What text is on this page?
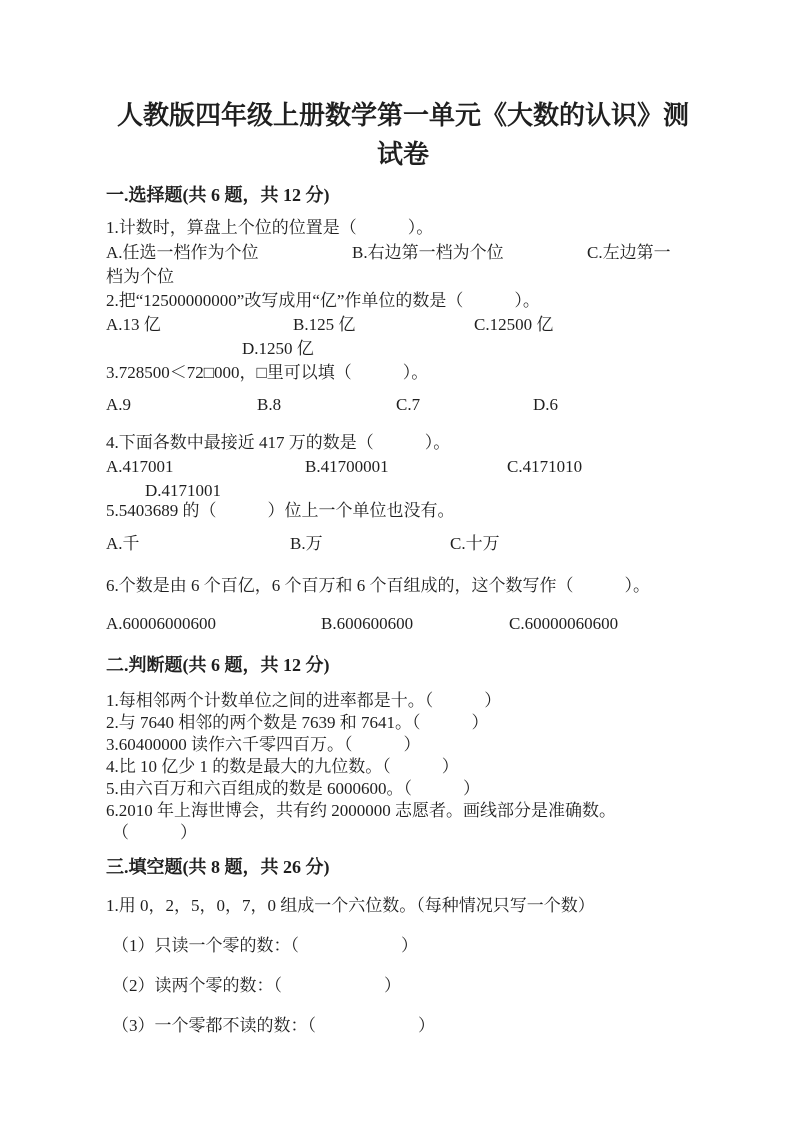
人教版四年级上册数学第一单元《大数的认识》测试卷
一.选择题(共 6 题，共 12 分)
1.计数时，算盘上个位的位置是（　　　）。
A.任选一档作为个位	B.右边第一档为个位	C.左边第一
档为个位
2.把“12500000000”改写成用“亿”作单位的数是（　　　）。
A.13 亿	B.125 亿	C.12500 亿
D.1250 亿
3.728500＜72□000，□里可以填（　　　）。
A.9	B.8	C.7	D.6
4.下面各数中最接近 417 万的数是（　　　）。
A.417001	B.41700001	C.4171010
D.4171001
5.5403689 的（　　　）位上一个单位也没有。
A.千	B.万	C.十万
6.个数是由 6 个百亿，6 个百万和 6 个百组成的，这个数写作（　　　）。
A.60006000600	B.600600600	C.60000060600
二.判断题(共 6 题，共 12 分)
1.每相邻两个计数单位之间的进率都是十。（　　　）
2.与 7640 相邻的两个数是 7639 和 7641。（　　　）
3.60400000 读作六千零四百万。（　　　）
4.比 10 亿少 1 的数是最大的九位数。（　　　）
5.由六百万和六百组成的数是 6000600。（　　　）
6.2010 年上海世博会，共有约 2000000 志愿者。画线部分是准确数。
（　　　）
三.填空题(共 8 题，共 26 分)
1.用 0，2，5，0，7，0 组成一个六位数。（每种情况只写一个数）
（1）只读一个零的数：（　　　　　　）
（2）读两个零的数：（　　　　　　）
（3）一个零都不读的数：（　　　　　　）
